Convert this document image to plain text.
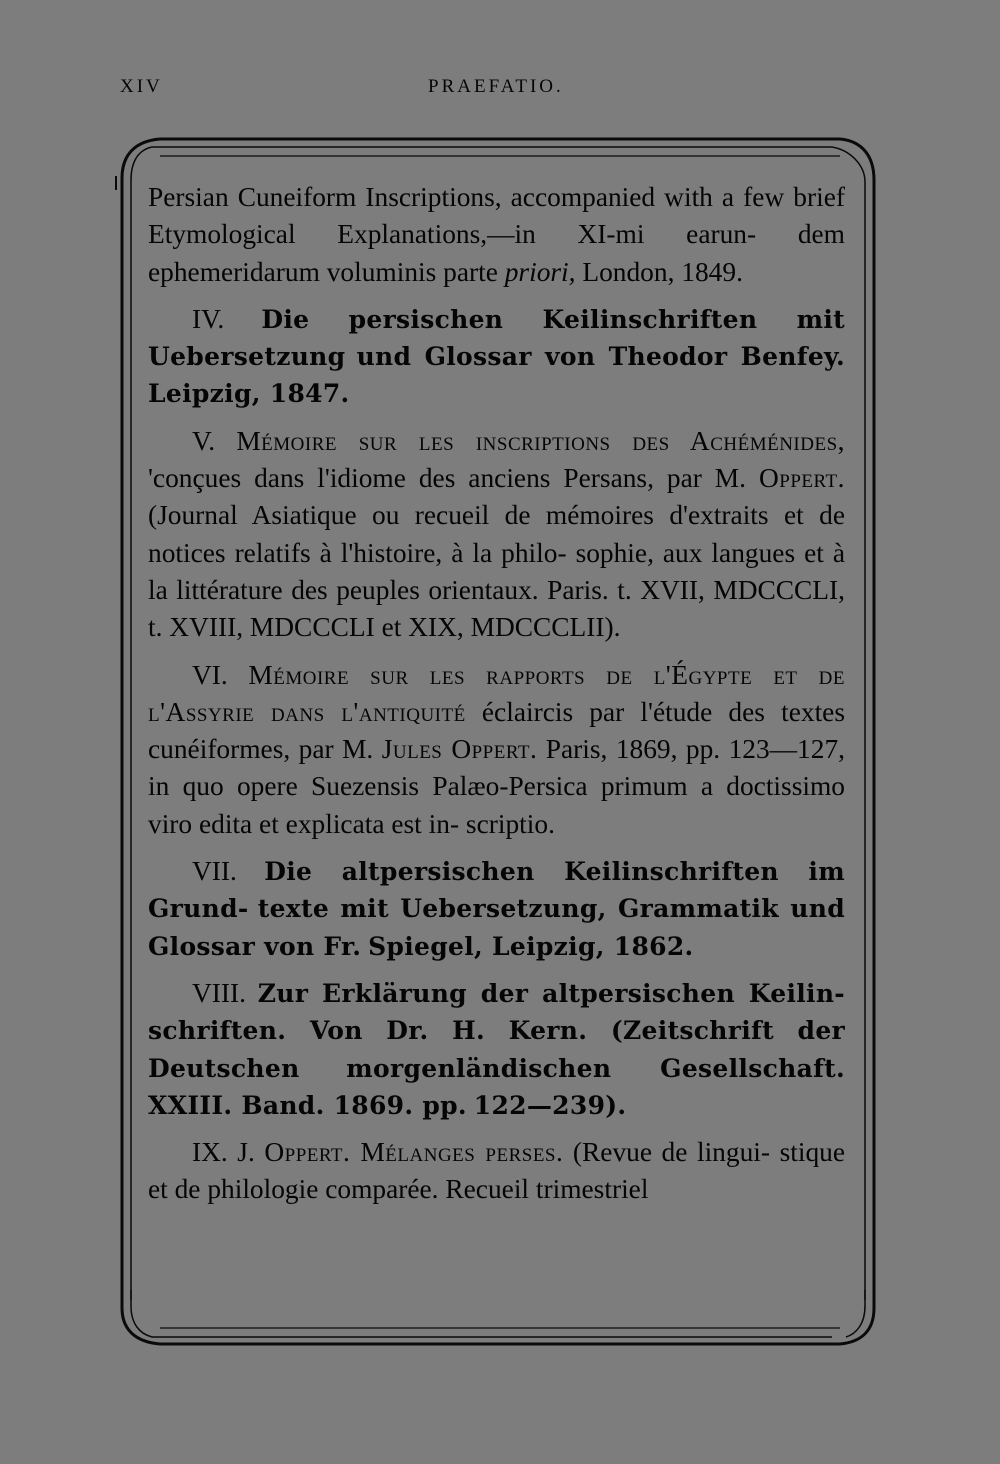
XIV	PRAEFATIO.

Persian Cuneiform Inscriptions, accompanied with a few brief Etymological Explanations,—in XI-mi earun- dem ephemeridarum voluminis parte priori, London, 1849.

IV. Die persischen Keilinschriften mit Uebersetzung und Glossar von Theodor Benfey. Leipzig, 1847.

V. Mémoire sur les inscriptions des Achéménides, 'conçues dans l'idiome des anciens Persans, par M. Oppert. (Journal Asiatique ou recueil de mémoires d'extraits et de notices relatifs à l'histoire, à la philo- sophie, aux langues et à la littérature des peuples orientaux. Paris. t. XVII, MDCCCLI, t. XVIII, MDCCCLI et XIX, MDCCCLII).

VI. Mémoire sur les rapports de l'Égypte et de l'Assyrie dans l'antiquité éclaircis par l'étude des textes cunéiformes, par M. Jules Oppert. Paris, 1869, pp. 123—127, in quo opere Suezensis Palæo-Persica primum a doctissimo viro edita et explicata est in- scriptio.

VII. Die altpersischen Keilinschriften im Grund- texte mit Uebersetzung, Grammatik und Glossar von Fr. Spiegel, Leipzig, 1862.

VIII. Zur Erklärung der altpersischen Keilin- schriften. Von Dr. H. Kern. (Zeitschrift der Deutschen morgenländischen Gesellschaft. XXIII. Band. 1869. pp. 122—239).

IX. J. Oppert. Mélanges perses. (Revue de lingui- stique et de philologie comparée. Recueil trimestriel
